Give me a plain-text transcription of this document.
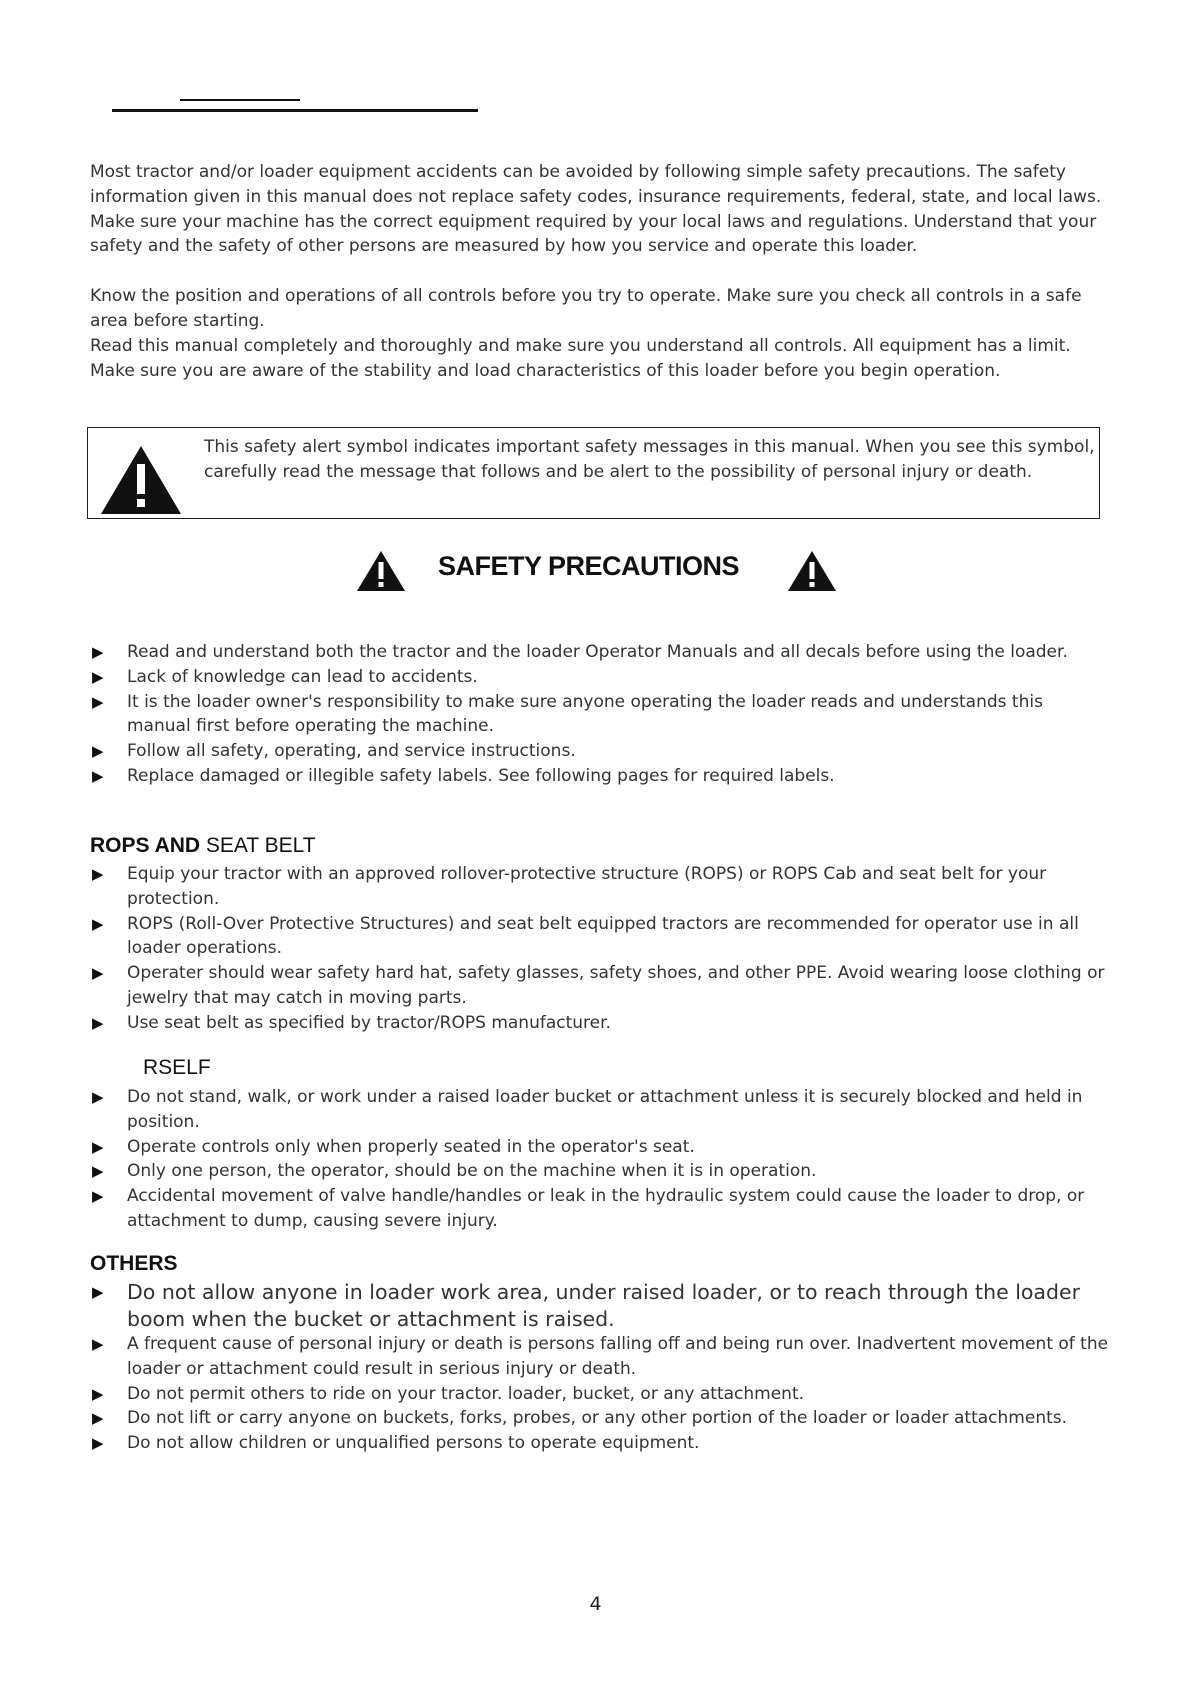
Most tractor and/or loader equipment accidents can be avoided by following simple safety precautions. The safety information given in this manual does not replace safety codes, insurance requirements, federal, state, and local laws. Make sure your machine has the correct equipment required by your local laws and regulations. Understand that your safety and the safety of other persons are measured by how you service and operate this loader.

Know the position and operations of all controls before you try to operate. Make sure you check all controls in a safe area before starting.

Read this manual completely and thoroughly and make sure you understand all controls. All equipment has a limit. Make sure you are aware of the stability and load characteristics of this loader before you begin operation.

This safety alert symbol indicates important safety messages in this manual. When you see this symbol, carefully read the message that follows and be alert to the possibility of personal injury or death.

SAFETY PRECAUTIONS
▶ Read and understand both the tractor and the loader Operator Manuals and all decals before using the loader.
▶ Lack of knowledge can lead to accidents.
▶ It is the loader owner's responsibility to make sure anyone operating the loader reads and understands this manual first before operating the machine.
▶ Follow all safety, operating, and service instructions.
▶ Replace damaged or illegible safety labels. See following pages for required labels.
ROPS AND SEAT BELT
▶ Equip your tractor with an approved rollover-protective structure (ROPS) or ROPS Cab and seat belt for your protection.
▶ ROPS (Roll-Over Protective Structures) and seat belt equipped tractors are recommended for operator use in all loader operations.
▶ Operater should wear safety hard hat, safety glasses, safety shoes, and other PPE. Avoid wearing loose clothing or jewelry that may catch in moving parts.
▶ Use seat belt as specified by tractor/ROPS manufacturer.
RSELF
▶ Do not stand, walk, or work under a raised loader bucket or attachment unless it is securely blocked and held in position.
▶ Operate controls only when properly seated in the operator's seat.
▶ Only one person, the operator, should be on the machine when it is in operation.
▶ Accidental movement of valve handle/handles or leak in the hydraulic system could cause the loader to drop, or attachment to dump, causing severe injury.
OTHERS
▶ Do not allow anyone in loader work area, under raised loader, or to reach through the loader boom when the bucket or attachment is raised.
▶ A frequent cause of personal injury or death is persons falling off and being run over. Inadvertent movement of the loader or attachment could result in serious injury or death.
▶ Do not permit others to ride on your tractor. loader, bucket, or any attachment.
▶ Do not lift or carry anyone on buckets, forks, probes, or any other portion of the loader or loader attachments.
▶ Do not allow children or unqualified persons to operate equipment.
4
